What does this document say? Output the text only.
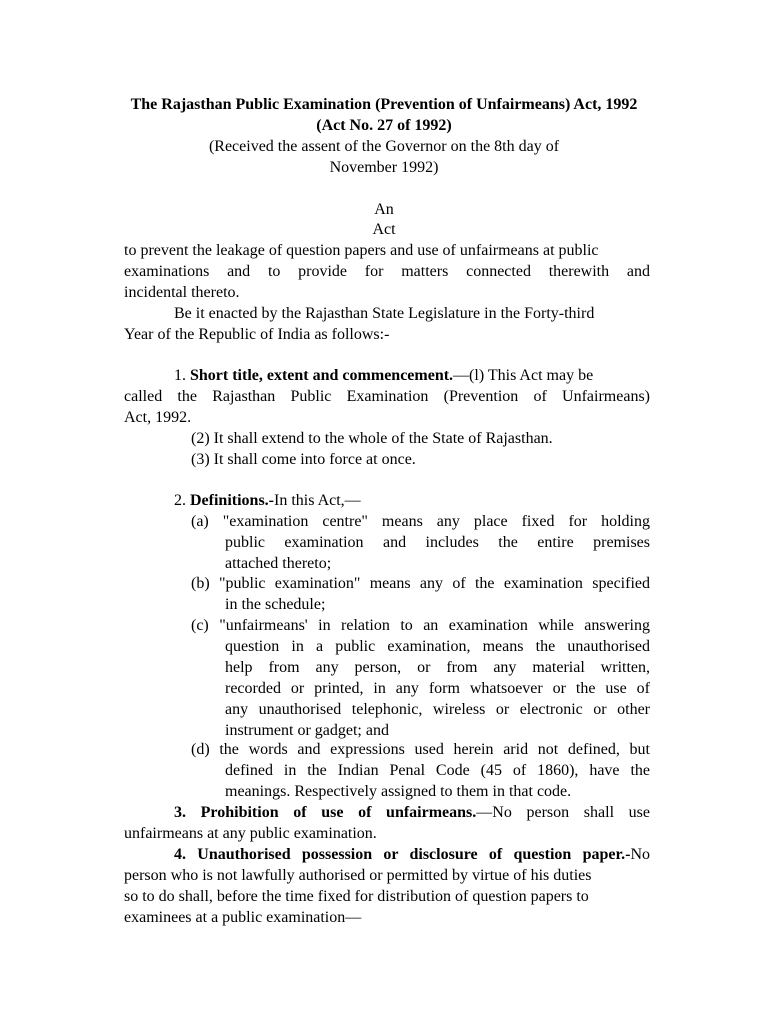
The Rajasthan Public Examination (Prevention of Unfairmeans) Act, 1992
(Act No. 27 of 1992)
(Received the assent of the Governor on the 8th day of
November 1992)
An
Act
to prevent the leakage of question papers and use of unfairmeans at public
examinations and to provide for matters connected therewith and
incidental thereto.
Be it enacted by the Rajasthan State Legislature in the Forty-third
Year of the Republic of India as follows:-
1. Short title, extent and commencement.—(l) This Act may be
called the Rajasthan Public Examination (Prevention of Unfairmeans)
Act, 1992.
(2) It shall extend to the whole of the State of Rajasthan.
(3) It shall come into force at once.
2. Definitions.-In this Act,—
(a) "examination centre" means any place fixed for holding
public examination and includes the entire premises
attached thereto;
(b) "public examination" means any of the examination specified
in the schedule;
(c) "unfairmeans' in relation to an examination while answering
question in a public examination, means the unauthorised
help from any person, or from any material written,
recorded or printed, in any form whatsoever or the use of
any unauthorised telephonic, wireless or electronic or other
instrument or gadget; and
(d) the words and expressions used herein arid not defined, but
defined in the Indian Penal Code (45 of 1860), have the
meanings. Respectively assigned to them in that code.
3. Prohibition of use of unfairmeans.—No person shall use
unfairmeans at any public examination.
4. Unauthorised possession or disclosure of question paper.-No
person who is not lawfully authorised or permitted by virtue of his duties
so to do shall, before the time fixed for distribution of question papers to
examinees at a public examination—
